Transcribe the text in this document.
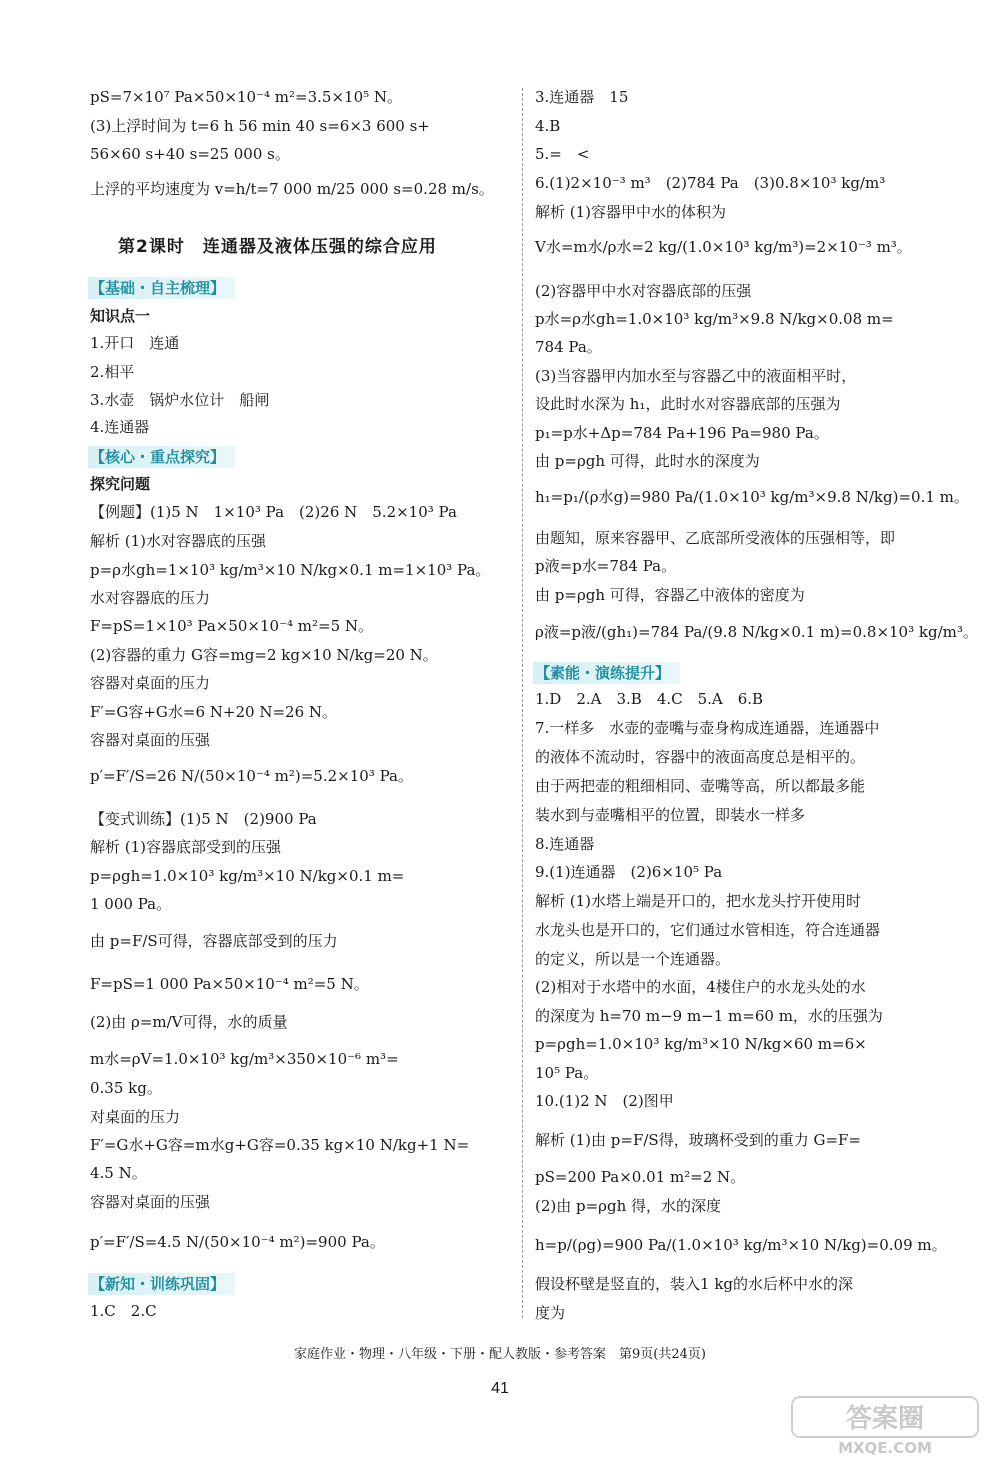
【基础・自主梳理】
【核心・重点探究】
【新知・训练巩固】
pS=7×10⁷ Pa×50×10⁻⁴ m²=3.5×10⁵ N。
(3)上浮时间为 t=6 h 56 min 40 s=6×3 600 s+
56×60 s+40 s=25 000 s。
上浮的平均速度为 v=h/t=7 000 m/25 000 s=0.28 m/s。
知识点一
1.开口　连通
2.相平
3.水壶　锅炉水位计　船闸
4.连通器
探究问题
【例题】(1)5 N　1×10³ Pa　(2)26 N　5.2×10³ Pa
解析 (1)水对容器底的压强
p=ρ水gh=1×10³ kg/m³×10 N/kg×0.1 m=1×10³ Pa。
水对容器底的压力
F=pS=1×10³ Pa×50×10⁻⁴ m²=5 N。
(2)容器的重力 G容=mg=2 kg×10 N/kg=20 N。
容器对桌面的压力
F′=G容+G水=6 N+20 N=26 N。
容器对桌面的压强
p′=F′/S=26 N/(50×10⁻⁴ m²)=5.2×10³ Pa。
【变式训练】(1)5 N　(2)900 Pa
解析 (1)容器底部受到的压强
p=ρgh=1.0×10³ kg/m³×10 N/kg×0.1 m=
1 000 Pa。
由 p=F/S可得，容器底部受到的压力
F=pS=1 000 Pa×50×10⁻⁴ m²=5 N。
(2)由 ρ=m/V可得，水的质量
m水=ρV=1.0×10³ kg/m³×350×10⁻⁶ m³=
0.35 kg。
对桌面的压力
F′=G水+G容=m水g+G容=0.35 kg×10 N/kg+1 N=
4.5 N。
容器对桌面的压强
p′=F′/S=4.5 N/(50×10⁻⁴ m²)=900 Pa。
1.C　2.C
【素能・演练提升】
3.连通器　15
4.B
5.=　<
6.(1)2×10⁻³ m³　(2)784 Pa　(3)0.8×10³ kg/m³
解析 (1)容器甲中水的体积为
V水=m水/ρ水=2 kg/(1.0×10³ kg/m³)=2×10⁻³ m³。
(2)容器甲中水对容器底部的压强
p水=ρ水gh=1.0×10³ kg/m³×9.8 N/kg×0.08 m=
784 Pa。
(3)当容器甲内加水至与容器乙中的液面相平时，
设此时水深为 h₁，此时水对容器底部的压强为
p₁=p水+Δp=784 Pa+196 Pa=980 Pa。
由 p=ρgh 可得，此时水的深度为
h₁=p₁/(ρ水g)=980 Pa/(1.0×10³ kg/m³×9.8 N/kg)=0.1 m。
由题知，原来容器甲、乙底部所受液体的压强相等，即
p液=p水=784 Pa。
由 p=ρgh 可得，容器乙中液体的密度为
ρ液=p液/(gh₁)=784 Pa/(9.8 N/kg×0.1 m)=0.8×10³ kg/m³。
1.D　2.A　3.B　4.C　5.A　6.B
7.一样多　水壶的壶嘴与壶身构成连通器，连通器中
的液体不流动时，容器中的液面高度总是相平的。
由于两把壶的粗细相同、壶嘴等高，所以都最多能
装水到与壶嘴相平的位置，即装水一样多
8.连通器
9.(1)连通器　(2)6×10⁵ Pa
解析 (1)水塔上端是开口的，把水龙头拧开使用时
水龙头也是开口的，它们通过水管相连，符合连通器
的定义，所以是一个连通器。
(2)相对于水塔中的水面，4楼住户的水龙头处的水
的深度为 h=70 m−9 m−1 m=60 m，水的压强为
p=ρgh=1.0×10³ kg/m³×10 N/kg×60 m=6×
10⁵ Pa。
10.(1)2 N　(2)图甲
解析 (1)由 p=F/S得，玻璃杯受到的重力 G=F=
pS=200 Pa×0.01 m²=2 N。
(2)由 p=ρgh 得，水的深度
h=p/(ρg)=900 Pa/(1.0×10³ kg/m³×10 N/kg)=0.09 m。
假设杯壁是竖直的，装入1 kg的水后杯中水的深
度为
第2课时　连通器及液体压强的综合应用
家庭作业・物理・八年级・下册・配人教版・参考答案　第9页(共24页)
41
答案圈
MXQE.COM
